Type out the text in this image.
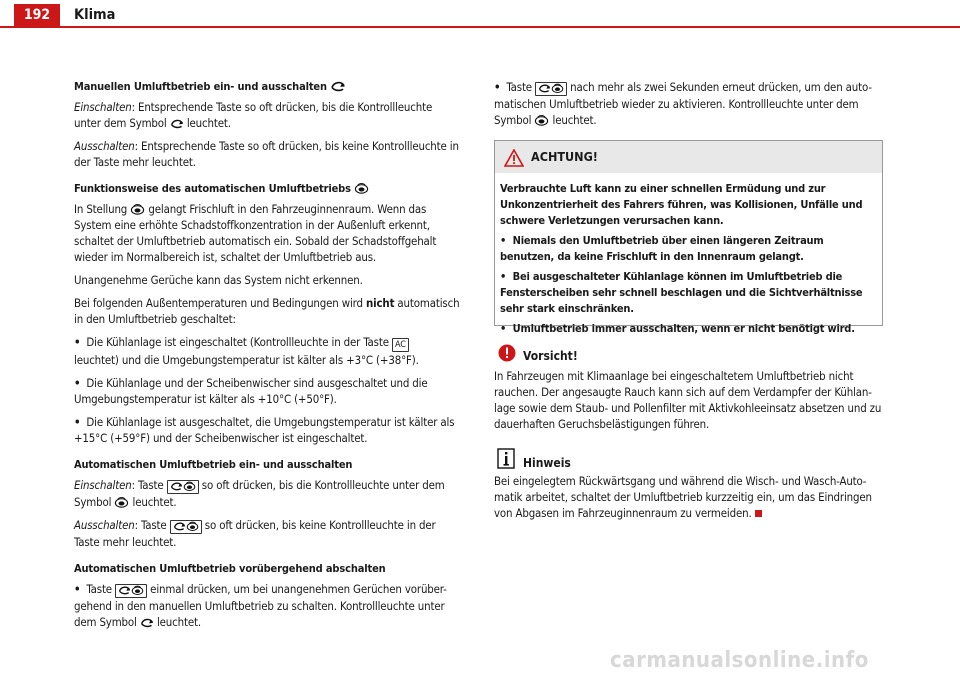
192	Klima

Manuellen Umluftbetrieb ein- und ausschalten

Einschalten: Entsprechende Taste so oft drücken, bis die Kontrollleuchte
unter dem Symbol  leuchtet.

Ausschalten: Entsprechende Taste so oft drücken, bis keine Kontrollleuchte in
der Taste mehr leuchtet.

Funktionsweise des automatischen Umluftbetriebs

In Stellung  gelangt Frischluft in den Fahrzeuginnenraum. Wenn das
System eine erhöhte Schadstoffkonzentration in der Außenluft erkennt,
schaltet der Umluftbetrieb automatisch ein. Sobald der Schadstoffgehalt
wieder im Normalbereich ist, schaltet der Umluftbetrieb aus.

Unangenehme Gerüche kann das System nicht erkennen.

Bei folgenden Außentemperaturen und Bedingungen wird nicht automatisch
in den Umluftbetrieb geschaltet:

• Die Kühlanlage ist eingeschaltet (Kontrollleuchte in der Taste AC
leuchtet) und die Umgebungstemperatur ist kälter als +3°C (+38°F).

• Die Kühlanlage und der Scheibenwischer sind ausgeschaltet und die
Umgebungstemperatur ist kälter als +10°C (+50°F).

• Die Kühlanlage ist ausgeschaltet, die Umgebungstemperatur ist kälter als
+15°C (+59°F) und der Scheibenwischer ist eingeschaltet.

Automatischen Umluftbetrieb ein- und ausschalten

Einschalten: Taste	so oft drücken, bis die Kontrollleuchte unter dem
Symbol  leuchtet.

Ausschalten: Taste	so oft drücken, bis keine Kontrollleuchte in der
Taste mehr leuchtet.

Automatischen Umluftbetrieb vorübergehend abschalten

• Taste	einmal drücken, um bei unangenehmen Gerüchen vorüber-
gehend in den manuellen Umluftbetrieb zu schalten. Kontrollleuchte unter
dem Symbol  leuchtet.

• Taste	nach mehr als zwei Sekunden erneut drücken, um den auto-
matischen Umluftbetrieb wieder zu aktivieren. Kontrollleuchte unter dem
Symbol  leuchtet.

ACHTUNG!

Verbrauchte Luft kann zu einer schnellen Ermüdung und zur Unkonzentrierheit des Fahrers führen, was Kollisionen, Unfälle und schwere Verletzungen verursachen kann.

•  Niemals den Umluftbetrieb über einen längeren Zeitraum benutzen, da keine Frischluft in den Innenraum gelangt.

•  Bei ausgeschalteter Kühlanlage können im Umluftbetrieb die Fensterscheiben sehr schnell beschlagen und die Sichtverhältnisse sehr stark einschränken.

•  Umluftbetrieb immer ausschalten, wenn er nicht benötigt wird.

Vorsicht!

In Fahrzeugen mit Klimaanlage bei eingeschaltetem Umluftbetrieb nicht rauchen. Der angesaugte Rauch kann sich auf dem Verdampfer der Kühlanlage sowie dem Staub- und Pollenfilter mit Aktivkohleeinsatz absetzen und zu dauerhaften Geruchsbelästigungen führen.

Hinweis

Bei eingelegtem Rückwärtsgang und während die Wisch- und Wasch-Automatik arbeitet, schaltet der Umluftbetrieb kurzzeitig ein, um das Eindringen von Abgasen im Fahrzeuginnenraum zu vermeiden.

carmanualsonline.info
